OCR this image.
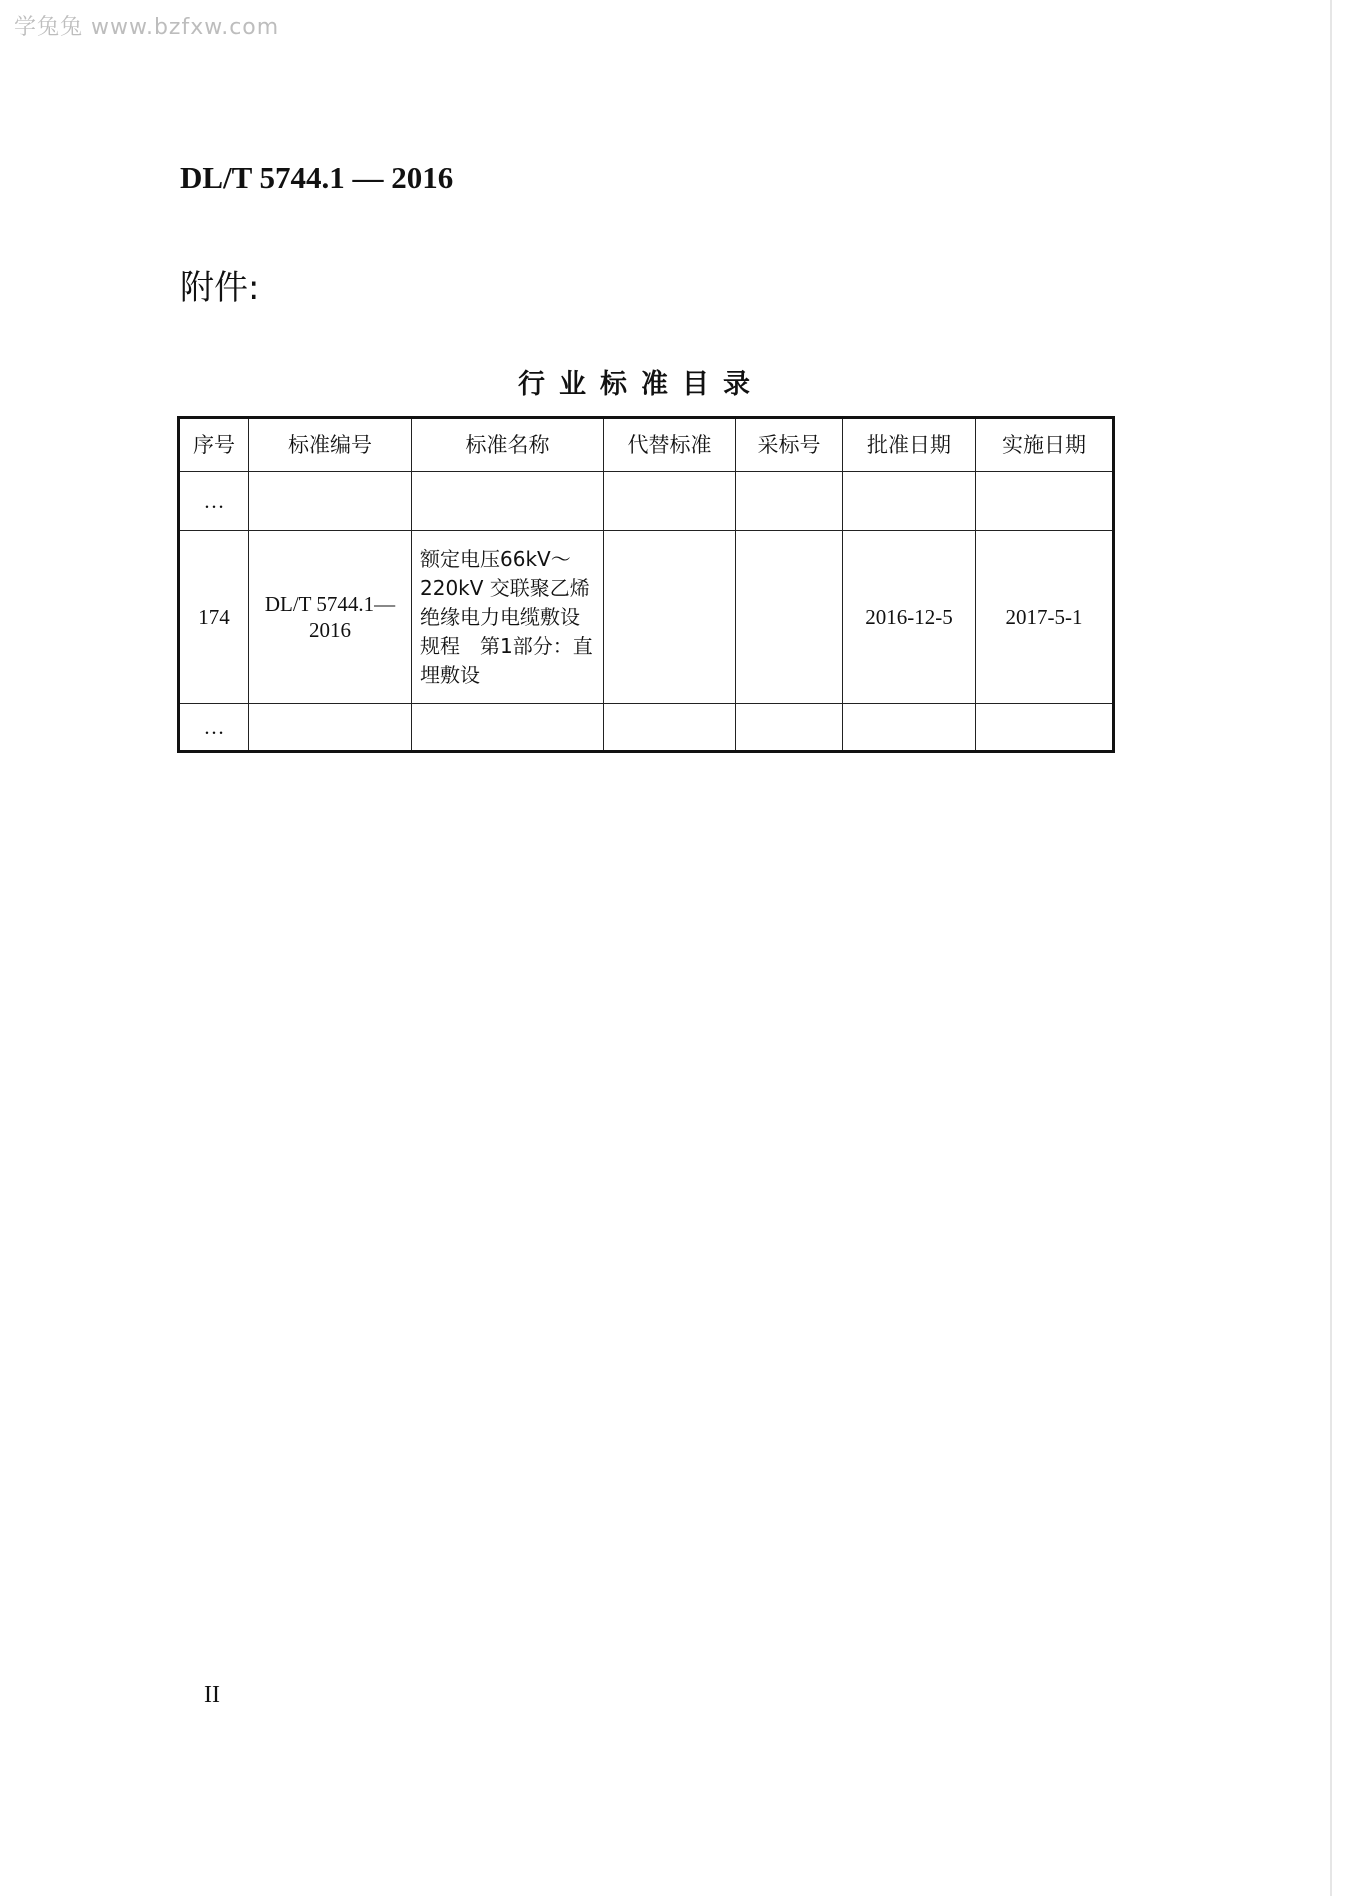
学兔兔 www.bzfxw.com
DL/T 5744.1 — 2016
附件:
行业标准目录
序号	标准编号	标准名称	代替标准	采标号	批准日期	实施日期
…						
174	DL/T 5744.1—2016	额定电压66kV～220kV 交联聚乙烯绝缘电力电缆敷设规程　第1部分：直埋敷设			2016-12-5	2017-5-1
…						
II
